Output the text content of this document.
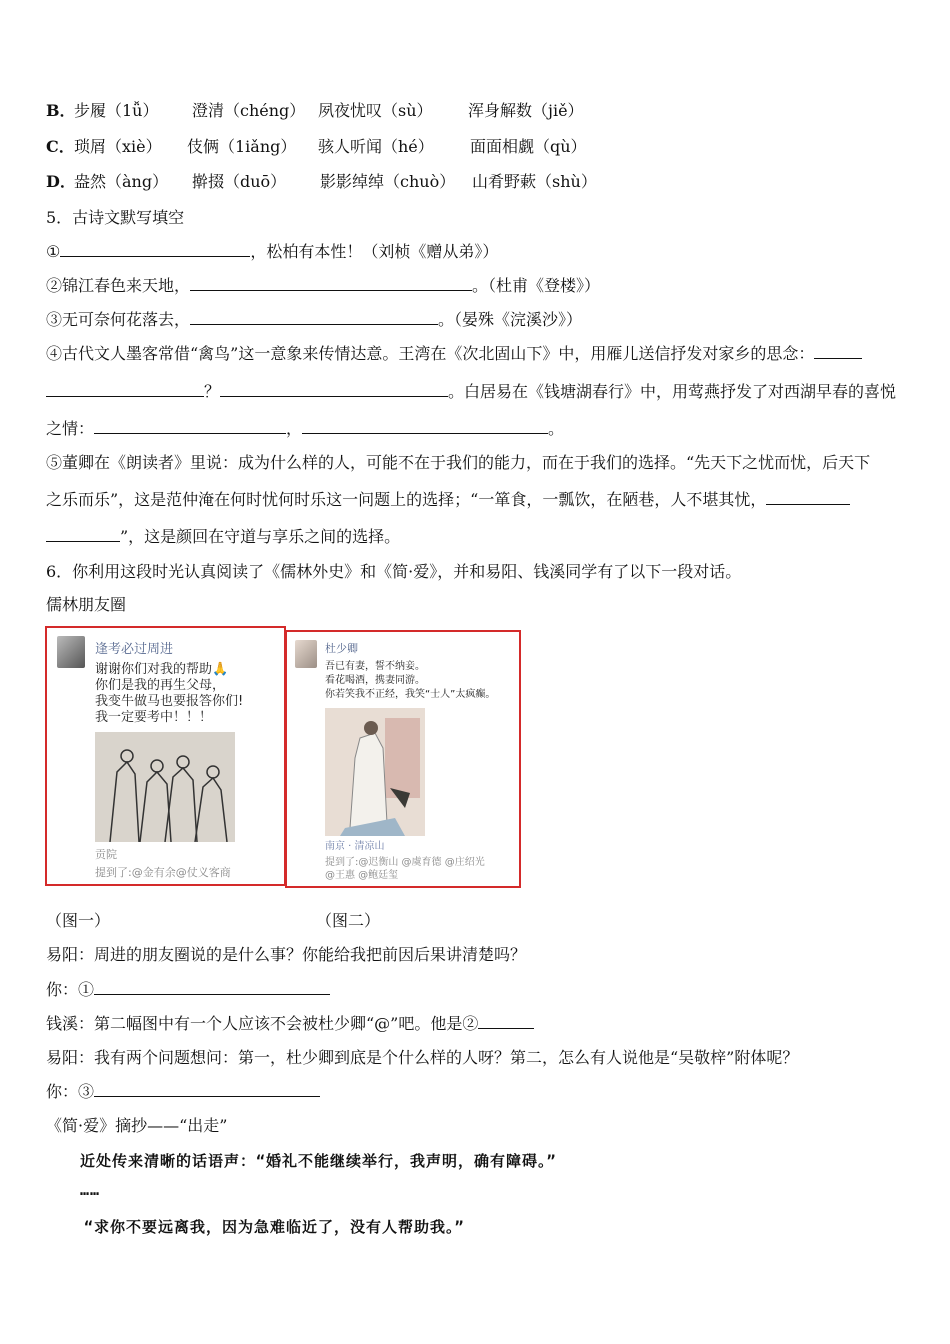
B．
步履（1ǚ） 澄清（chéng） 夙夜忧叹（sù） 浑身解数（jiě）
C． 琐屑（xiè） 伎俩（1iǎng） 骇人听闻（hé） 面面相觑（qù）
D．
盎然（àng） 擀掇（duō） 影影绰绰（chuò） 山肴野蔌（shù）
5．古诗文默写填空
①	，松柏有本性！（刘桢《赠从弟》）
②锦江春色来天地，	。（杜甫《登楼》）
③无可奈何花落去，	。（晏殊《浣溪沙》）
④古代文人墨客常借“禽鸟”这一意象来传情达意。王湾在《次北固山下》中，用雁儿送信抒发对家乡的思念：
？	。白居易在《钱塘湖春行》中，用莺燕抒发了对西湖早春的喜悦
之情：	，	。
⑤董卿在《朗读者》里说：成为什么样的人，可能不在于我们的能力，而在于我们的选择。“先天下之忧而忧，后天下
之乐而乐”，这是范仲淹在何时忧何时乐这一问题上的选择；“一箪食，一瓢饮，在陋巷，人不堪其忧，
”，这是颜回在守道与享乐之间的选择。
6．你利用这段时光认真阅读了《儒林外史》和《简·爱》，并和易阳、钱溪同学有了以下一段对话。
儒林朋友圈
逢考必过周进
谢谢你们对我的帮助🙏
你们是我的再生父母，
我变牛做马也要报答你们!
我一定要考中！！！
贡院
提到了:@金有余@仗义客商
杜少卿
吾已有妻，誓不纳妾。
看花喝酒，携妻同游。
你若笑我不正经，我笑“士人”太疯癫。
南京 · 清凉山
提到了:@迟衡山 @虞育德 @庄绍光
@王惠 @鲍廷玺
（图一）	（图二）
易阳：周进的朋友圈说的是什么事？你能给我把前因后果讲清楚吗？
你：①
钱溪：第二幅图中有一个人应该不会被杜少卿“@”吧。他是②
易阳：我有两个问题想问：第一，杜少卿到底是个什么样的人呀？第二，怎么有人说他是“吴敬梓”附体呢？
你：③
《简·爱》摘抄——“出走”
近处传来清晰的话语声：“婚礼不能继续举行，我声明，确有障碍。”
……
“求你不要远离我，因为急难临近了，没有人帮助我。”
